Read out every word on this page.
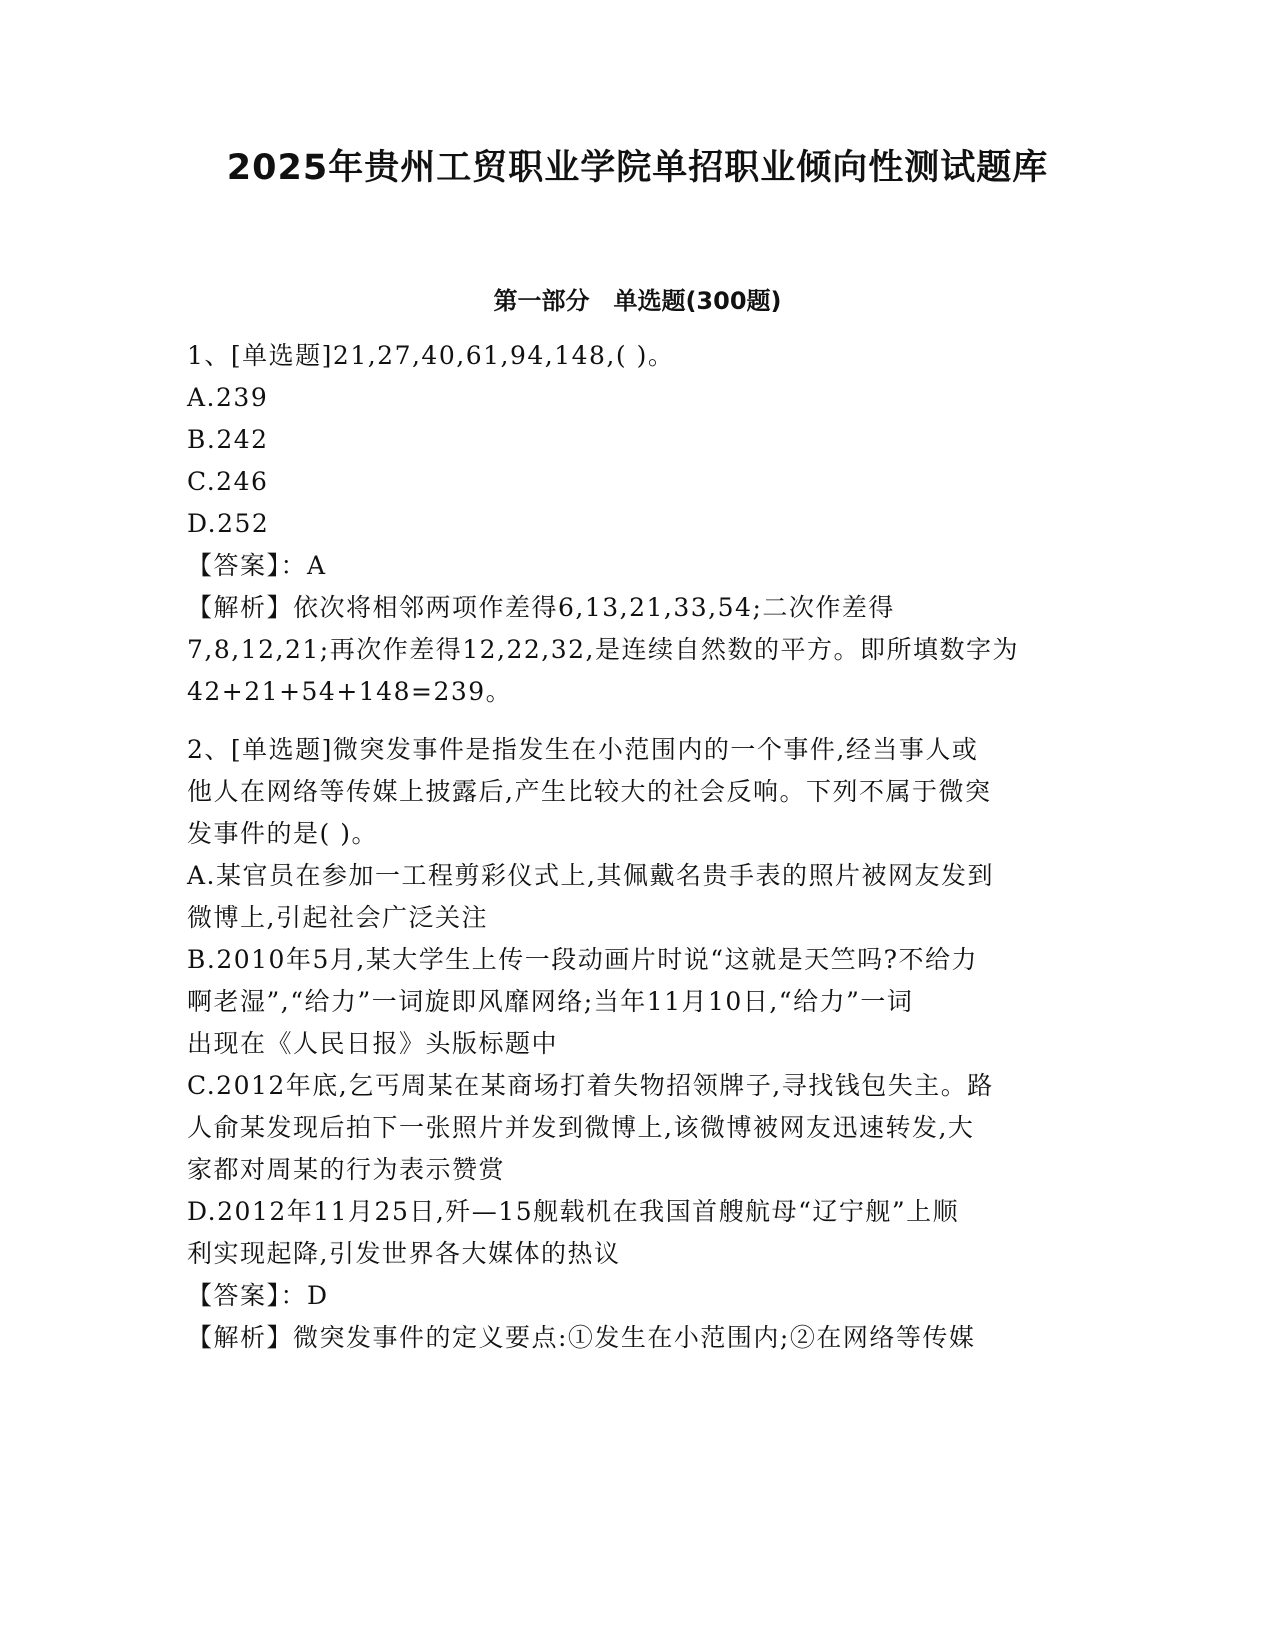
2025年贵州工贸职业学院单招职业倾向性测试题库
第一部分　单选题(300题)
1、[单选题]21,27,40,61,94,148,( )。
A.239
B.242
C.246
D.252
【答案】：A
【解析】依次将相邻两项作差得6,13,21,33,54;二次作差得
7,8,12,21;再次作差得12,22,32,是连续自然数的平方。即所填数字为
42+21+54+148=239。
2、[单选题]微突发事件是指发生在小范围内的一个事件,经当事人或
他人在网络等传媒上披露后,产生比较大的社会反响。下列不属于微突
发事件的是( )。
A.某官员在参加一工程剪彩仪式上,其佩戴名贵手表的照片被网友发到
微博上,引起社会广泛关注
B.2010年5月,某大学生上传一段动画片时说“这就是天竺吗?不给力
啊老湿”,“给力”一词旋即风靡网络;当年11月10日,“给力”一词
出现在《人民日报》头版标题中
C.2012年底,乞丐周某在某商场打着失物招领牌子,寻找钱包失主。路
人俞某发现后拍下一张照片并发到微博上,该微博被网友迅速转发,大
家都对周某的行为表示赞赏
D.2012年11月25日,歼—15舰载机在我国首艘航母“辽宁舰”上顺
利实现起降,引发世界各大媒体的热议
【答案】：D
【解析】微突发事件的定义要点:①发生在小范围内;②在网络等传媒
